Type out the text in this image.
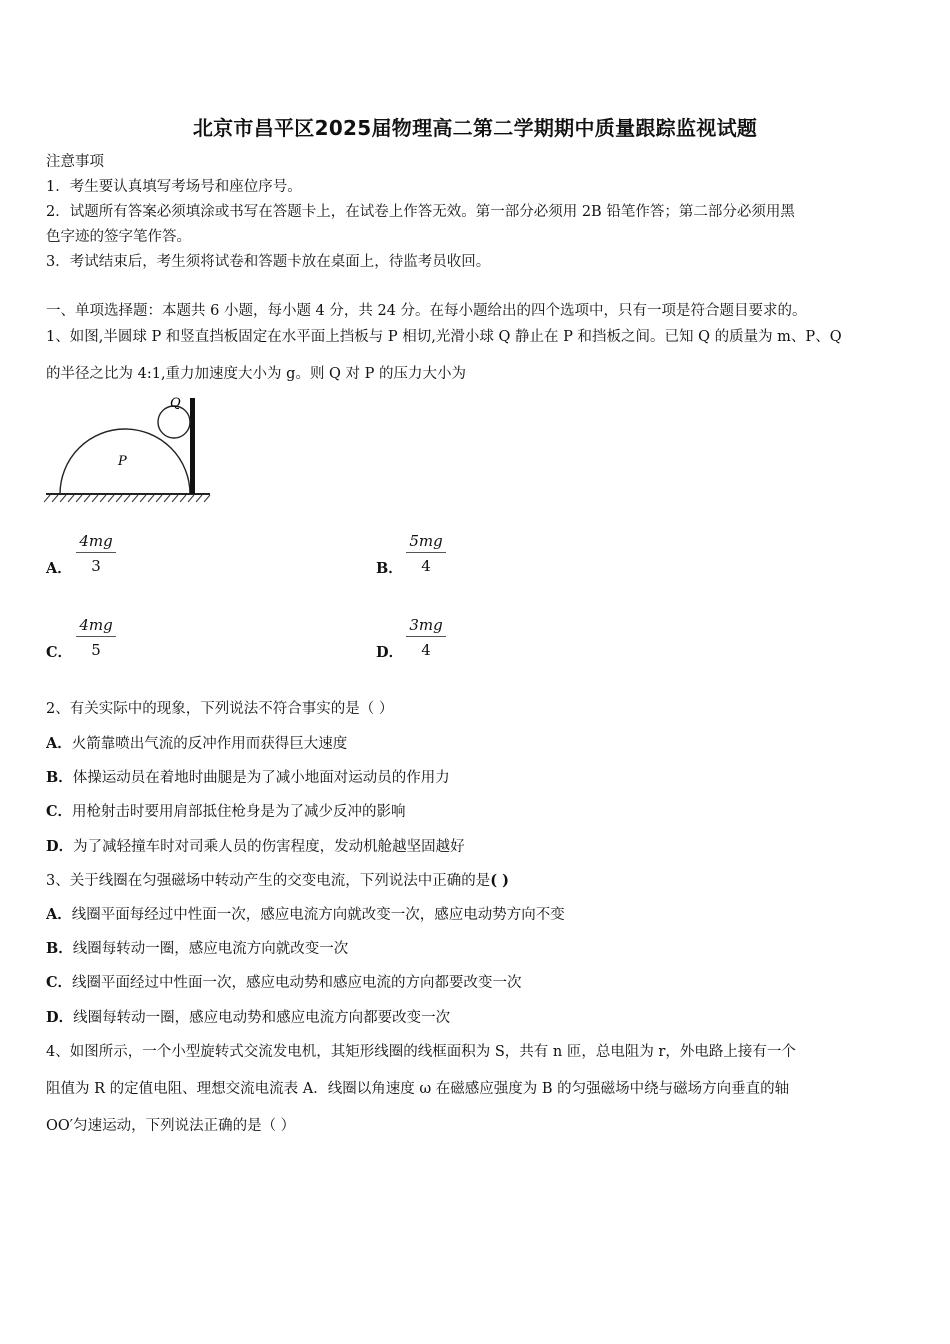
北京市昌平区2025届物理高二第二学期期中质量跟踪监视试题
注意事项
1．考生要认真填写考场号和座位序号。
2．试题所有答案必须填涂或书写在答题卡上，在试卷上作答无效。第一部分必须用 2B 铅笔作答；第二部分必须用黑
色字迹的签字笔作答。
3．考试结束后，考生须将试卷和答题卡放在桌面上，待监考员收回。
一、单项选择题：本题共 6 小题，每小题 4 分，共 24 分。在每小题给出的四个选项中，只有一项是符合题目要求的。
1、如图,半圆球 P 和竖直挡板固定在水平面上挡板与 P 相切,光滑小球 Q 静止在 P 和挡板之间。已知 Q 的质量为 m、P、Q
的半径之比为 4:1,重力加速度大小为 g。则 Q 对 P 的压力大小为
Q
P
A． $\frac{4mg}{3}$	B． $\frac{5mg}{4}$
C． $\frac{4mg}{5}$	D． $\frac{3mg}{4}$
2、有关实际中的现象，下列说法不符合事实的是（ ）
A．火箭靠喷出气流的反冲作用而获得巨大速度
B．体操运动员在着地时曲腿是为了减小地面对运动员的作用力
C．用枪射击时要用肩部抵住枪身是为了减少反冲的影响
D．为了减轻撞车时对司乘人员的伤害程度，发动机舱越坚固越好
3、关于线圈在匀强磁场中转动产生的交变电流，下列说法中正确的是( )
A．线圈平面每经过中性面一次，感应电流方向就改变一次，感应电动势方向不变
B．线圈每转动一圈，感应电流方向就改变一次
C．线圈平面经过中性面一次，感应电动势和感应电流的方向都要改变一次
D．线圈每转动一圈，感应电动势和感应电流方向都要改变一次
4、如图所示，一个小型旋转式交流发电机，其矩形线圈的线框面积为 S，共有 n 匝，总电阻为 r，外电路上接有一个
阻值为 R 的定值电阻、理想交流电流表 A．线圈以角速度 ω 在磁感应强度为 B 的匀强磁场中绕与磁场方向垂直的轴
OO′匀速运动，下列说法正确的是（ ）
